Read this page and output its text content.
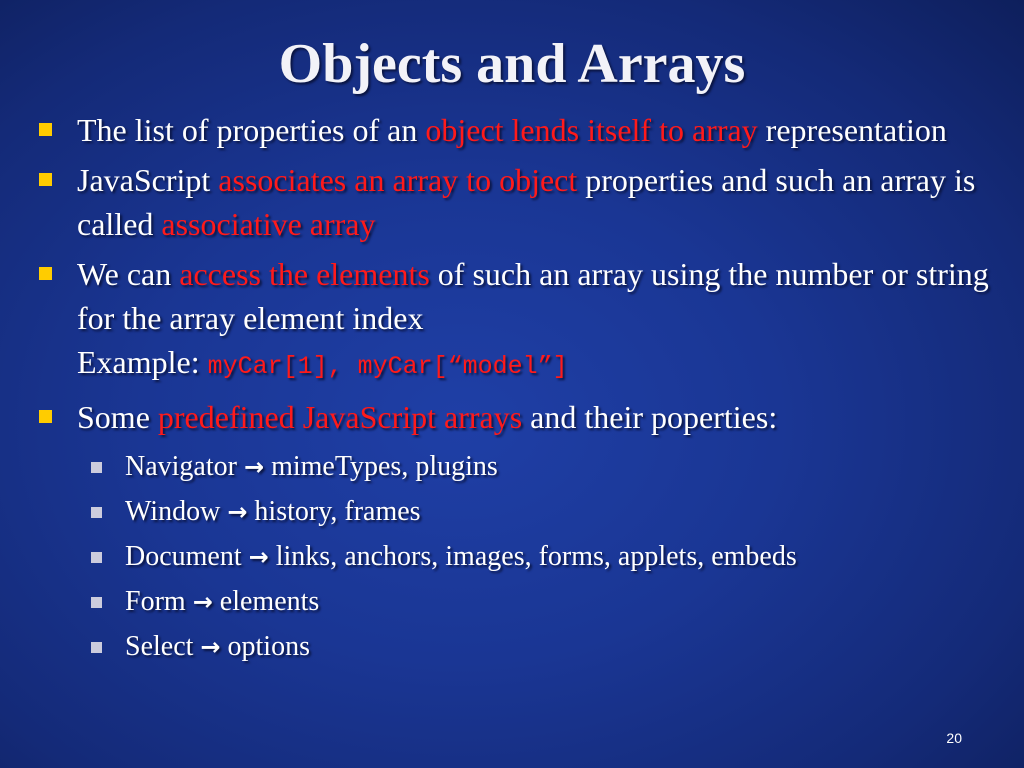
Objects and Arrays
The list of properties of an object lends itself to array representation
JavaScript associates an array to object properties and such an array is called associative array
We can access the elements of such an array using the number or string for the array element index
Example: myCar[1], myCar[“model”]
Some predefined JavaScript arrays and their poperties:
Navigator → mimeTypes, plugins
Window → history, frames
Document → links, anchors, images, forms, applets, embeds
Form → elements
Select → options
20
